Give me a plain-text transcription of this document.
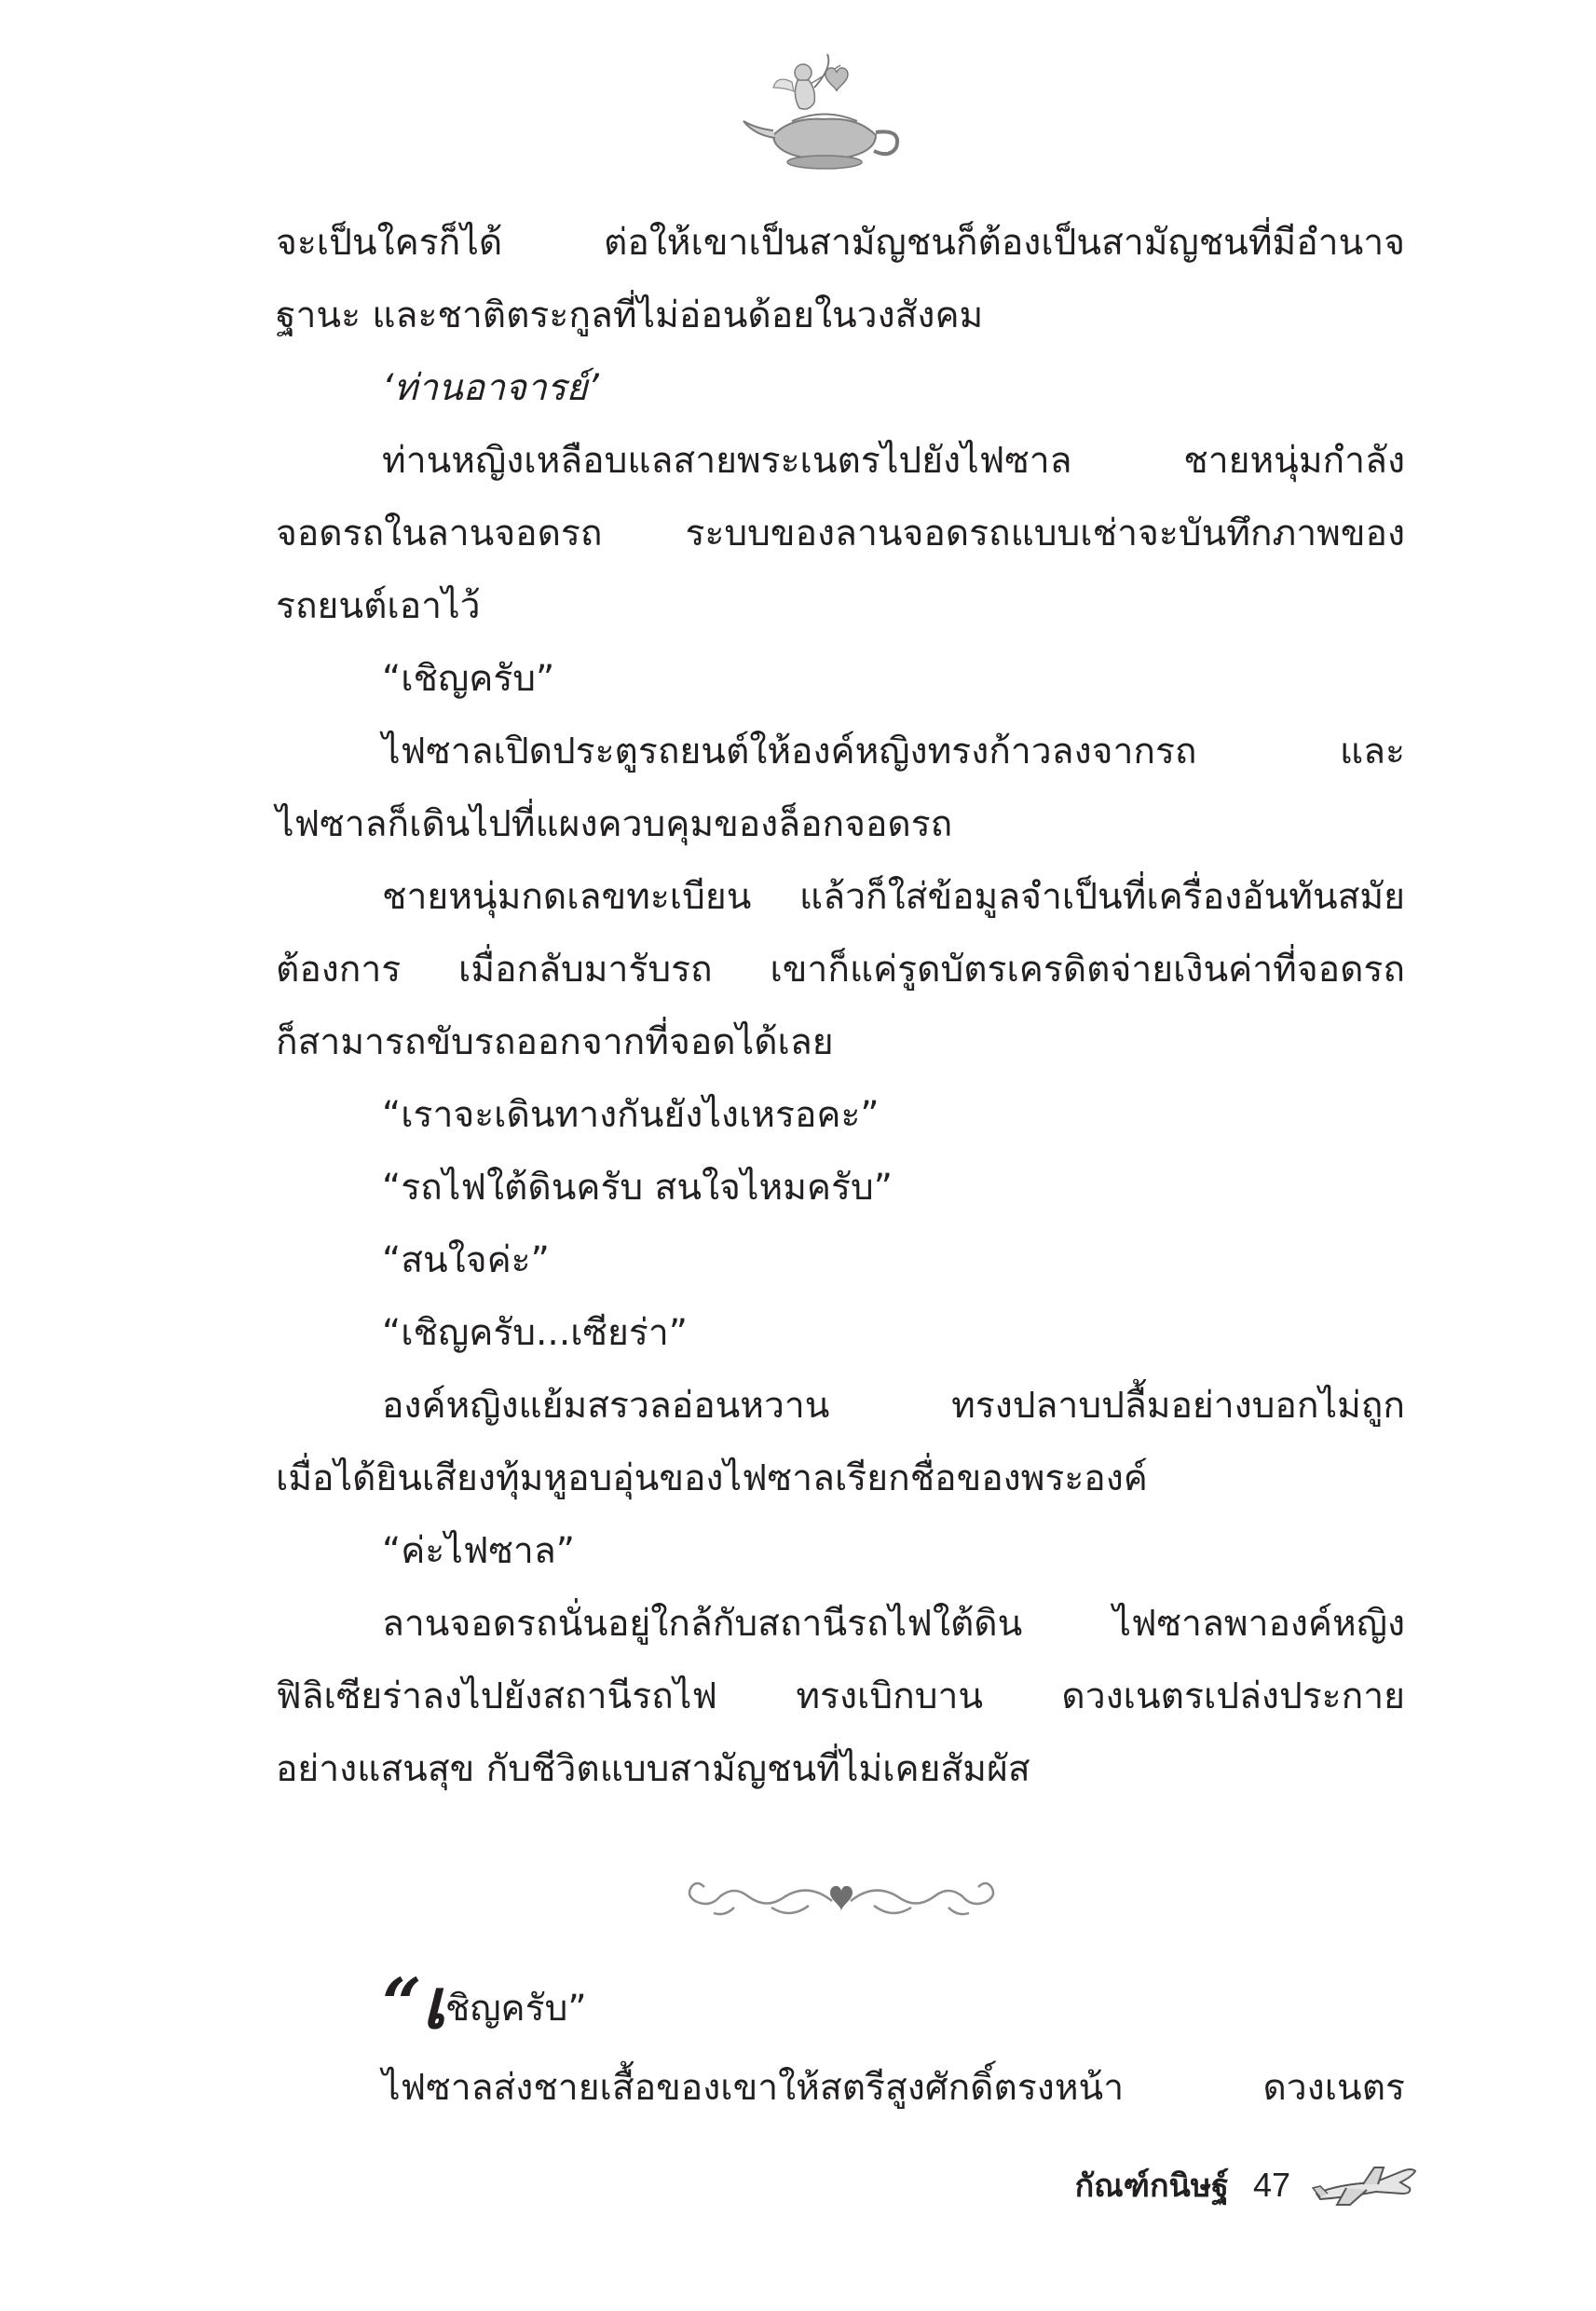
จะเป็นใครก็ได้ ต่อให้เขาเป็นสามัญชนก็ต้องเป็นสามัญชนที่มีอำนาจ
ฐานะ และชาติตระกูลที่ไม่อ่อนด้อยในวงสังคม
‘ท่านอาจารย์’
ท่านหญิงเหลือบแลสายพระเนตรไปยังไฟซาล ชายหนุ่มกำลัง
จอดรถในลานจอดรถ ระบบของลานจอดรถแบบเช่าจะบันทึกภาพของ
รถยนต์เอาไว้
“เชิญครับ”
ไฟซาลเปิดประตูรถยนต์ให้องค์หญิงทรงก้าวลงจากรถ และ
ไฟซาลก็เดินไปที่แผงควบคุมของล็อกจอดรถ
ชายหนุ่มกดเลขทะเบียน แล้วก็ใส่ข้อมูลจำเป็นที่เครื่องอันทันสมัย
ต้องการ เมื่อกลับมารับรถ เขาก็แค่รูดบัตรเครดิตจ่ายเงินค่าที่จอดรถ
ก็สามารถขับรถออกจากที่จอดได้เลย
“เราจะเดินทางกันยังไงเหรอคะ”
“รถไฟใต้ดินครับ สนใจไหมครับ”
“สนใจค่ะ”
“เชิญครับ...เซียร่า”
องค์หญิงแย้มสรวลอ่อนหวาน ทรงปลาบปลื้มอย่างบอกไม่ถูก
เมื่อได้ยินเสียงทุ้มหูอบอุ่นของไฟซาลเรียกชื่อของพระองค์
“ค่ะไฟซาล”
ลานจอดรถนั่นอยู่ใกล้กับสถานีรถไฟใต้ดิน ไฟซาลพาองค์หญิง
ฟิลิเซียร่าลงไปยังสถานีรถไฟ ทรงเบิกบาน ดวงเนตรเปล่งประกาย
อย่างแสนสุข กับชีวิตแบบสามัญชนที่ไม่เคยสัมผัส
“เชิญครับ”
ไฟซาลส่งชายเสื้อของเขาให้สตรีสูงศักดิ์ตรงหน้า ดวงเนตร
กัณฑ์กนิษฐ์ 47
